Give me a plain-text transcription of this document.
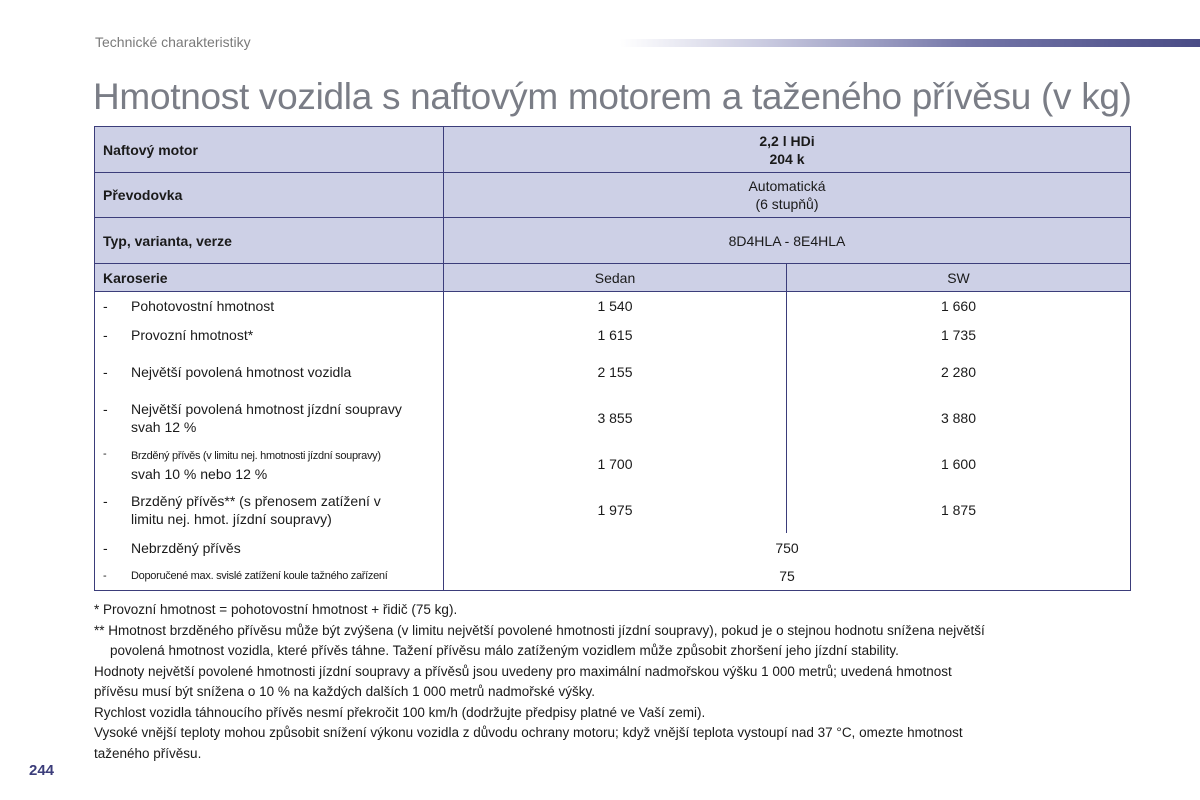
Technické charakteristiky
Hmotnost vozidla s naftovým motorem a taženého přívěsu (v kg)
Naftový motor	2,2 l HDi
204 k	

Převodovka	Automatická
(6 stupňů)	

Typ, varianta, verze	8D4HLA - 8E4HLA	
Karoserie	Sedan	SW

- Pohotovostní hmotnost	1 540	1 660

- Provozní hmotnost*	1 615	1 735

- Největší povolená hmotnost vozidla	2 155	2 280

- Největší povolená hmotnost jízdní soupravy
svah 12 %	3 855	3 880

- Brzděný přívěs (v limitu nej. hmotnosti jízdní soupravy)
svah 10 % nebo 12 %	1 700	1 600

- Brzděný přívěs** (s přenosem zatížení v
limitu nej. hmot. jízdní soupravy)	1 975	1 875

- Nebrzděný přívěs	750	

- Doporučené max. svislé zatížení koule tažného zařízení	75	

* Provozní hmotnost = pohotovostní hmotnost + řidič (75 kg).

** Hmotnost brzděného přívěsu může být zvýšena (v limitu největší povolené hmotnosti jízdní soupravy), pokud je o stejnou hodnotu snížena největší
povolená hmotnost vozidla, které přívěs táhne. Tažení přívěsu málo zatíženým vozidlem může způsobit zhoršení jeho jízdní stability.

Hodnoty největší povolené hmotnosti jízdní soupravy a přívěsů jsou uvedeny pro maximální nadmořskou výšku 1 000 metrů; uvedená hmotnost
přívěsu musí být snížena o 10 % na každých dalších 1 000 metrů nadmořské výšky.

Rychlost vozidla táhnoucího přívěs nesmí překročit 100 km/h (dodržujte předpisy platné ve Vaší zemi).

Vysoké vnější teploty mohou způsobit snížení výkonu vozidla z důvodu ochrany motoru; když vnější teplota vystoupí nad 37 °C, omezte hmotnost
taženého přívěsu.

244
